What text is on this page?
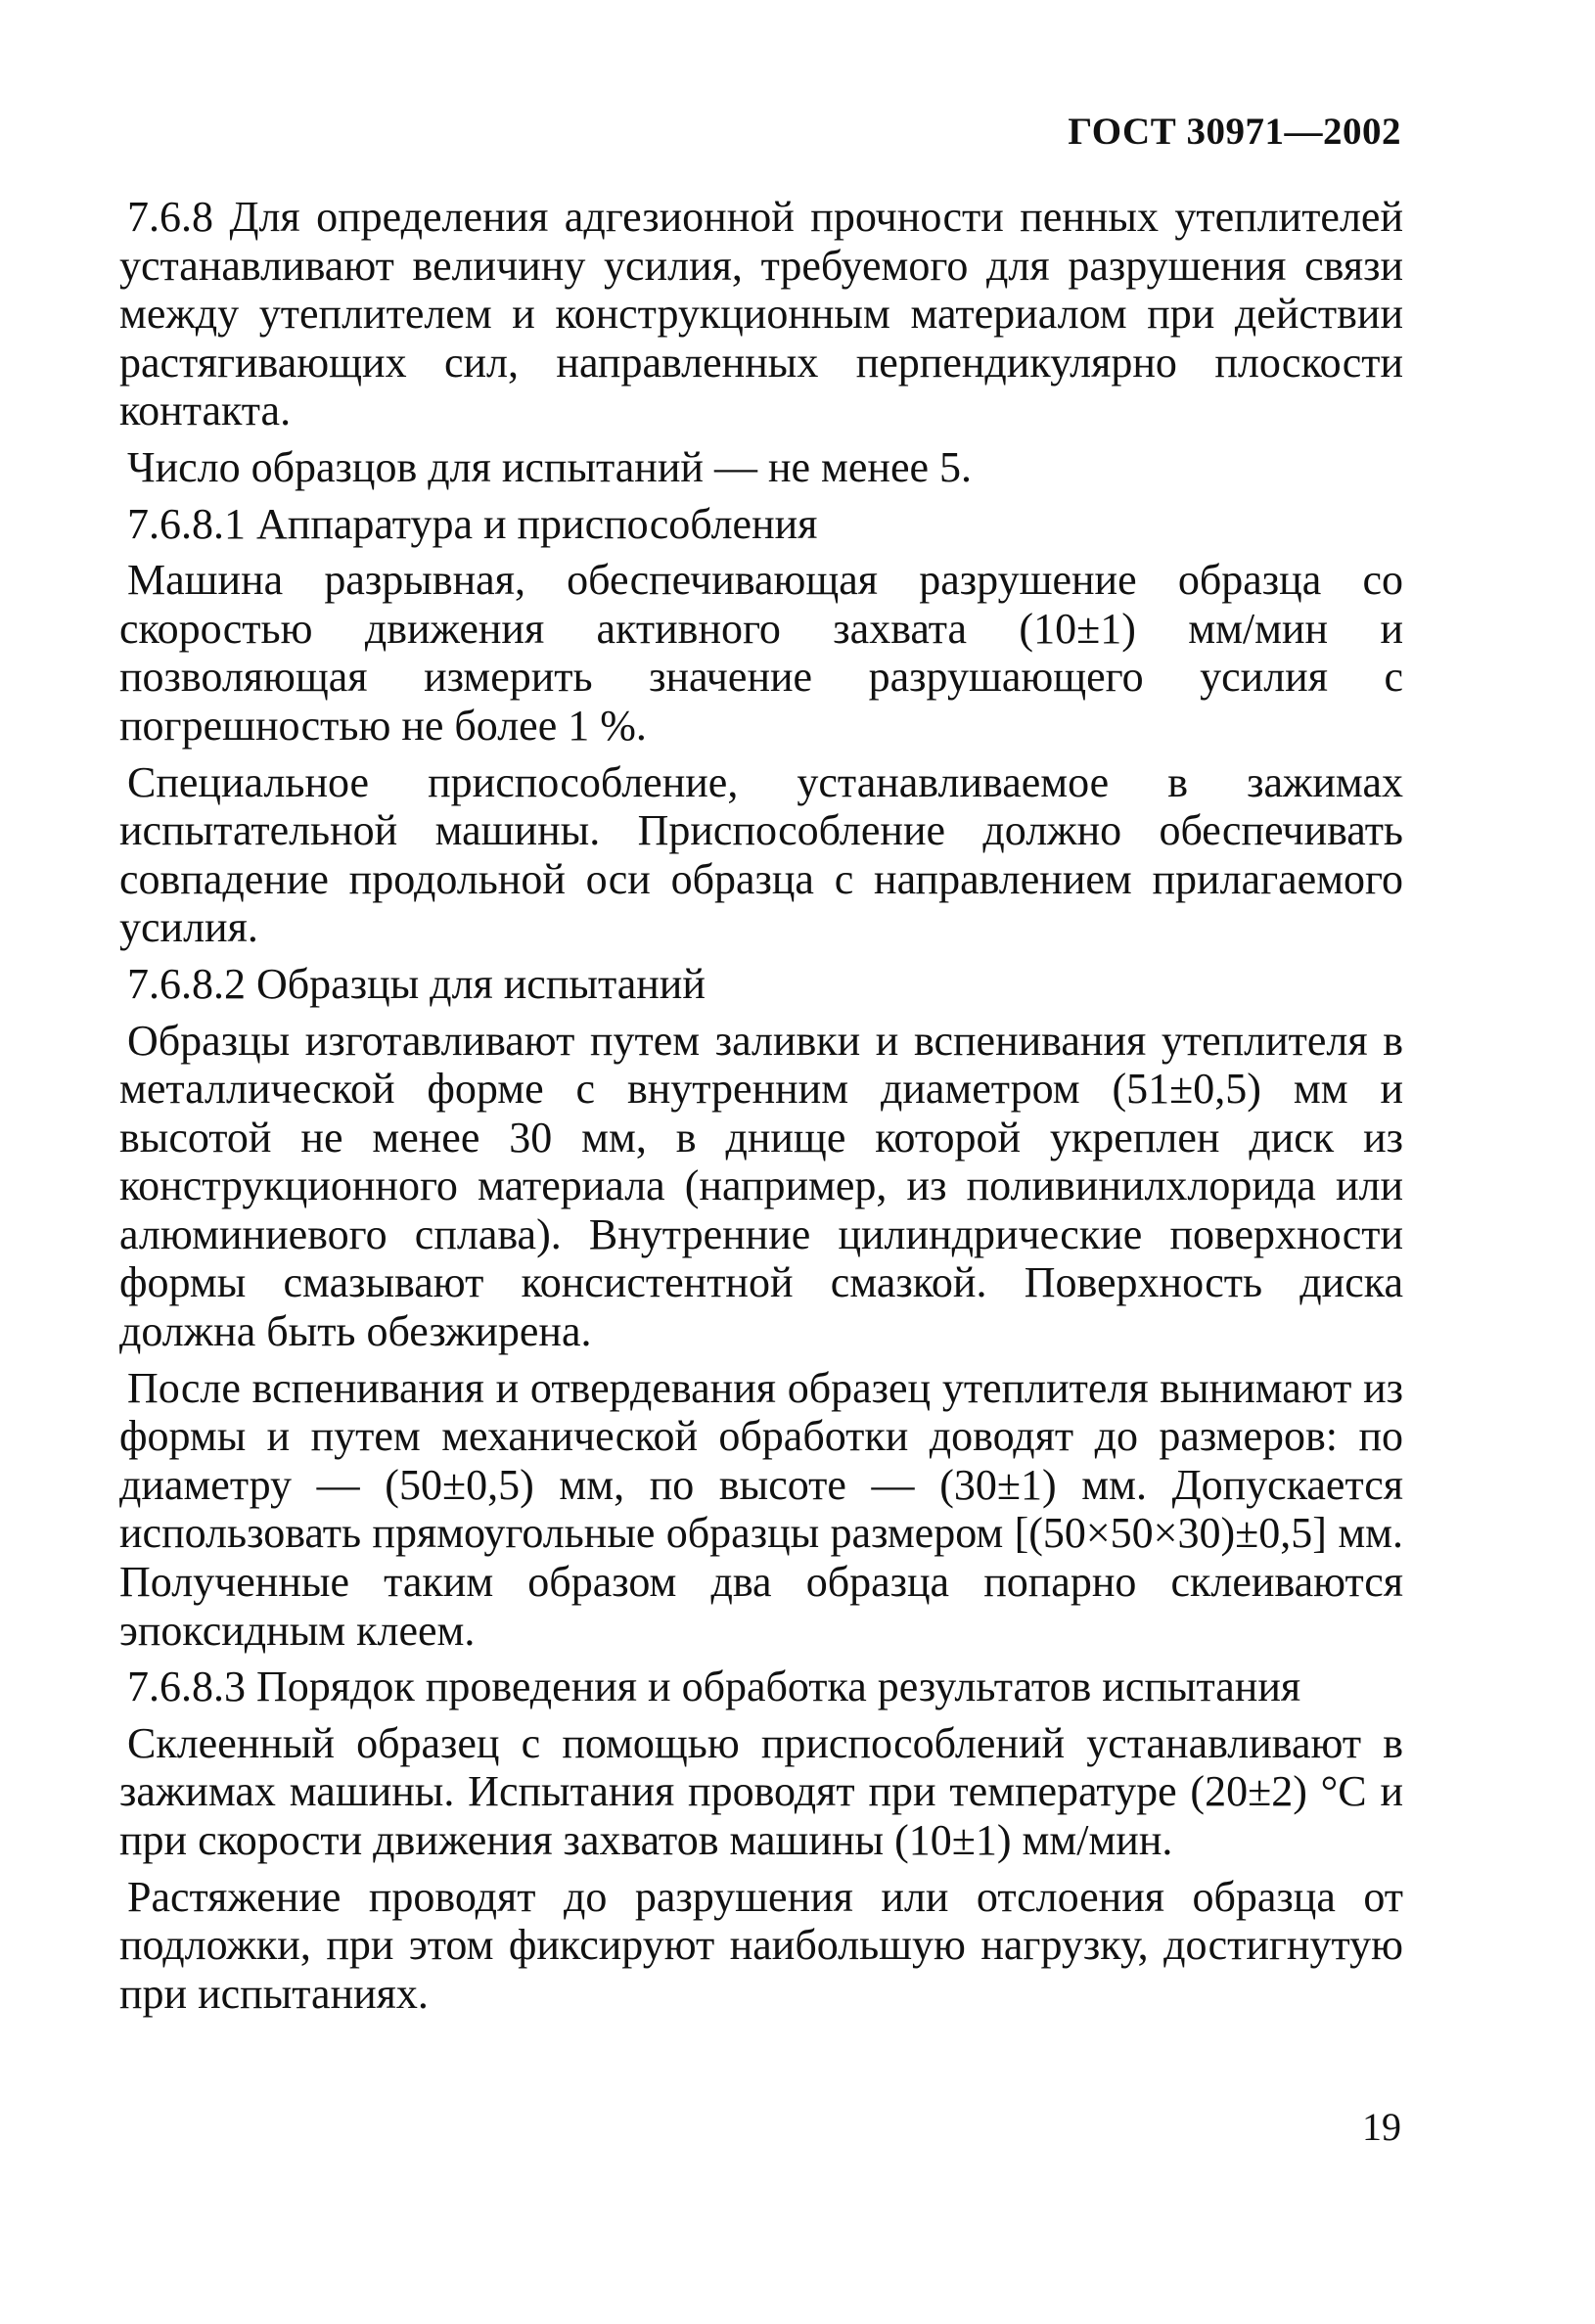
ГОСТ 30971—2002

7.6.8 Для определения адгезионной прочности пенных утеплителей устанавливают величину усилия, требуемого для разрушения связи между утеплителем и конструкционным материалом при действии растягивающих сил, направленных перпендикулярно плоскости контакта.

Число образцов для испытаний — не менее 5.

7.6.8.1 Аппаратура и приспособления

Машина разрывная, обеспечивающая разрушение образца со скоростью движения активного захвата (10±1) мм/мин и позволяющая измерить значение разрушающего усилия с погрешностью не более 1 %.

Специальное приспособление, устанавливаемое в зажимах испытательной машины. Приспособление должно обеспечивать совпадение продольной оси образца с направлением прилагаемого усилия.

7.6.8.2 Образцы для испытаний

Образцы изготавливают путем заливки и вспенивания утеплителя в металлической форме с внутренним диаметром (51±0,5) мм и высотой не менее 30 мм, в днище которой укреплен диск из конструкционного материала (например, из поливинилхлорида или алюминиевого сплава). Внутренние цилиндрические поверхности формы смазывают консистентной смазкой. Поверхность диска должна быть обезжирена.

После вспенивания и отвердевания образец утеплителя вынимают из формы и путем механической обработки доводят до размеров: по диаметру — (50±0,5) мм, по высоте — (30±1) мм. Допускается использовать прямоугольные образцы размером [(50×50×30)±0,5] мм. Полученные таким образом два образца попарно склеиваются эпоксидным клеем.

7.6.8.3 Порядок проведения и обработка результатов испытания

Склеенный образец с помощью приспособлений устанавливают в зажимах машины. Испытания проводят при температуре (20±2) °С и при скорости движения захватов машины (10±1) мм/мин.

Растяжение проводят до разрушения или отслоения образца от подложки, при этом фиксируют наибольшую нагрузку, достигнутую при испытаниях.

19
